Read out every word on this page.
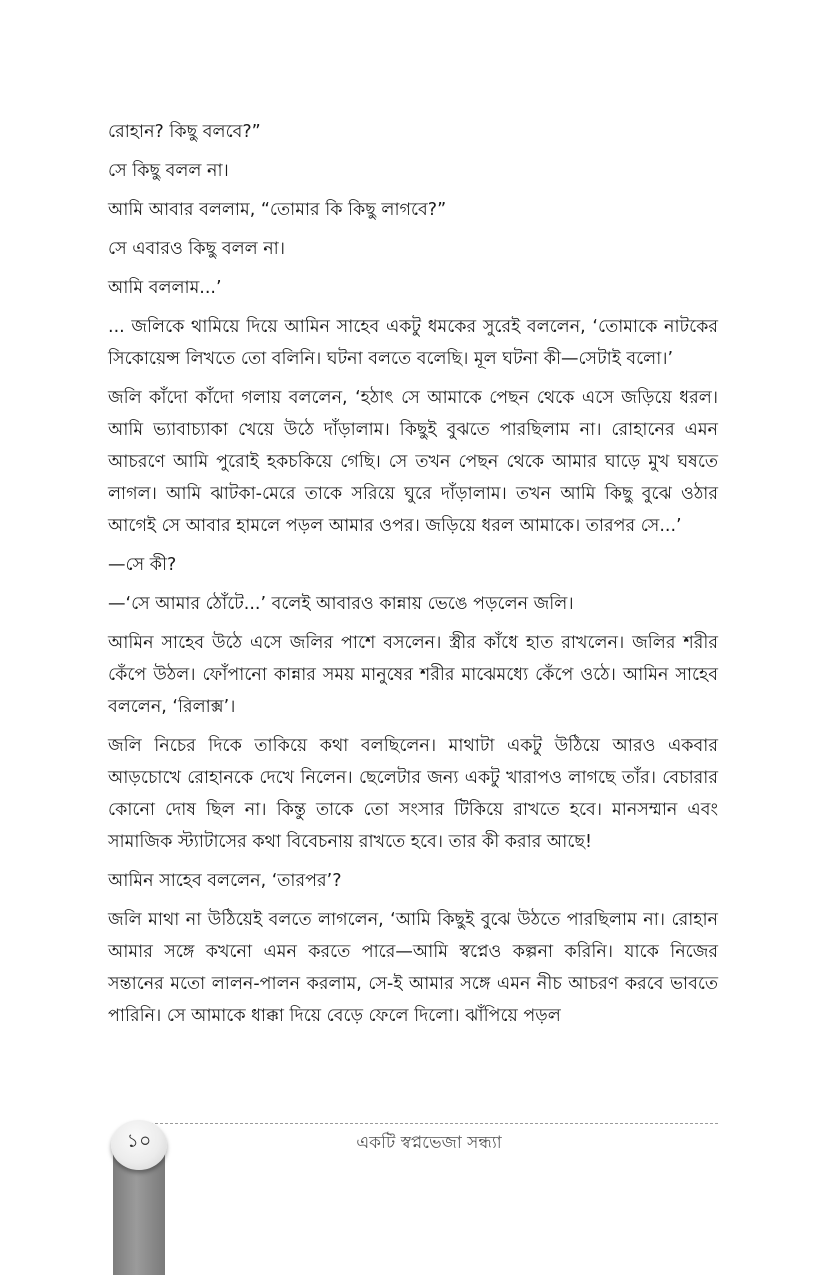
রোহান? কিছু বলবে?”

সে কিছু বলল না।

আমি আবার বললাম, “তোমার কি কিছু লাগবে?”

সে এবারও কিছু বলল না।

আমি বললাম...’

... জলিকে থামিয়ে দিয়ে আমিন সাহেব একটু ধমকের সুরেই বললেন, ‘তোমাকে নাটকের সিকোয়েন্স লিখতে তো বলিনি। ঘটনা বলতে বলেছি। মূল ঘটনা কী—সেটাই বলো।’

জলি কাঁদো কাঁদো গলায় বললেন, ‘হঠাৎ সে আমাকে পেছন থেকে এসে জড়িয়ে ধরল। আমি ভ্যাবাচ্যাকা খেয়ে উঠে দাঁড়ালাম। কিছুই বুঝতে পারছিলাম না। রোহানের এমন আচরণে আমি পুরোই হকচকিয়ে গেছি। সে তখন পেছন থেকে আমার ঘাড়ে মুখ ঘষতে লাগল। আমি ঝাটকা-মেরে তাকে সরিয়ে ঘুরে দাঁড়ালাম। তখন আমি কিছু বুঝে ওঠার আগেই সে আবার হামলে পড়ল আমার ওপর। জড়িয়ে ধরল আমাকে। তারপর সে...’

—সে কী?

—‘সে আমার ঠোঁটে...’ বলেই আবারও কান্নায় ভেঙে পড়লেন জলি।

আমিন সাহেব উঠে এসে জলির পাশে বসলেন। স্ত্রীর কাঁধে হাত রাখলেন। জলির শরীর কেঁপে উঠল। ফোঁপানো কান্নার সময় মানুষের শরীর মাঝেমধ্যে কেঁপে ওঠে। আমিন সাহেব বললেন, ‘রিলাক্স’।

জলি নিচের দিকে তাকিয়ে কথা বলছিলেন। মাথাটা একটু উঠিয়ে আরও একবার আড়চোখে রোহানকে দেখে নিলেন। ছেলেটার জন্য একটু খারাপও লাগছে তাঁর। বেচারার কোনো দোষ ছিল না। কিন্তু তাকে তো সংসার টিকিয়ে রাখতে হবে। মানসম্মান এবং সামাজিক স্ট্যাটাসের কথা বিবেচনায় রাখতে হবে। তার কী করার আছে!

আমিন সাহেব বললেন, ‘তারপর’?

জলি মাথা না উঠিয়েই বলতে লাগলেন, ‘আমি কিছুই বুঝে উঠতে পারছিলাম না। রোহান আমার সঙ্গে কখনো এমন করতে পারে—আমি স্বপ্নেও কল্পনা করিনি। যাকে নিজের সন্তানের মতো লালন-পালন করলাম, সে-ই আমার সঙ্গে এমন নীচ আচরণ করবে ভাবতে পারিনি। সে আমাকে ধাক্কা দিয়ে বেড়ে ফেলে দিলো। ঝাঁপিয়ে পড়ল

১০	একটি স্বপ্নভেজা সন্ধ্যা
